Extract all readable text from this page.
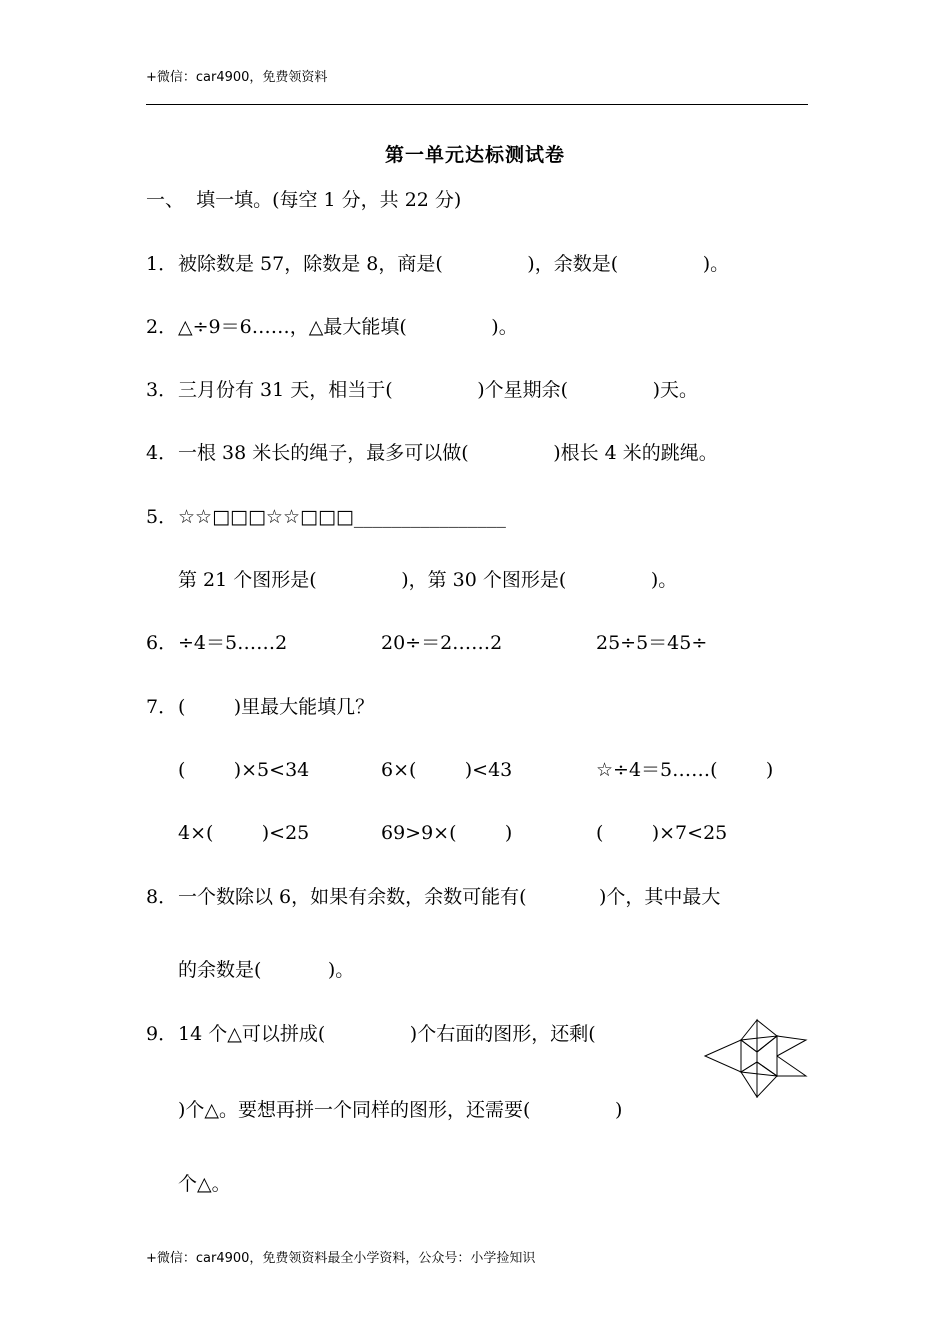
+微信：car4900，免费领资料
第一单元达标测试卷
一、  填一填。(每空 1 分，共 22 分)
1． 被除数是 57，除数是 8，商是(              )，余数是(              )。
2． △÷9＝6……，△最大能填(              )。
3． 三月份有 31 天，相当于(              )个星期余(              )天。
4． 一根 38 米长的绳子，最多可以做(              )根长 4 米的跳绳。
5． ☆☆□□□☆☆□□□________________
第 21 个图形是(              )，第 30 个图形是(              )。
6． ÷4＝5……2	20÷＝2……2	25÷5＝45÷
7． (        )里最大能填几？
(        )×5<34	6×(        )<43	☆÷4＝5……(        )
4×(        )<25	69>9×(        )	(        )×7<25
8． 一个数除以 6，如果有余数，余数可能有(            )个，其中最大
的余数是(           )。
9． 14 个△可以拼成(              )个右面的图形，还剩(
)个△。要想再拼一个同样的图形，还需要(              )
个△。
+微信：car4900，免费领资料最全小学资料，公众号：小学捡知识
